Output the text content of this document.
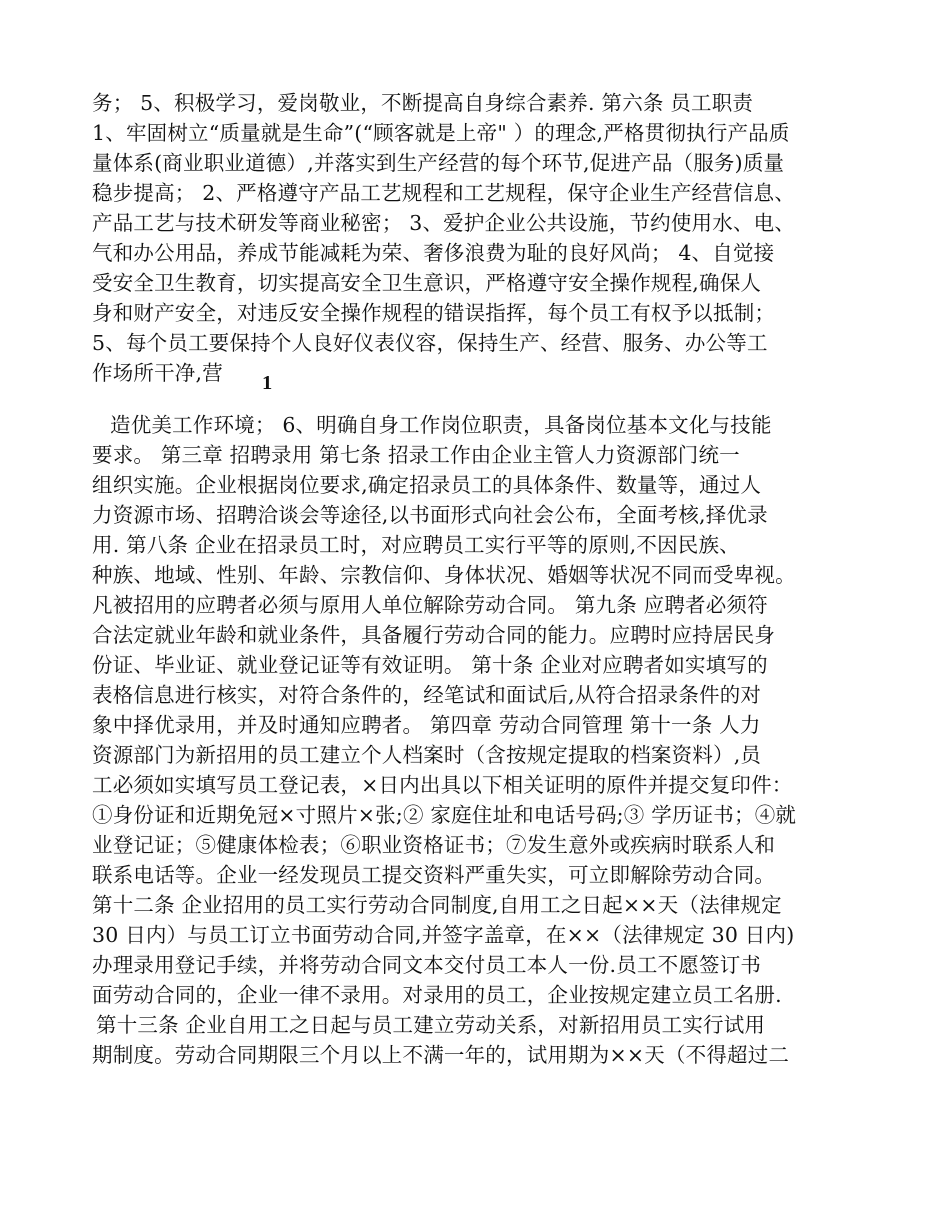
务； 5、积极学习，爱岗敬业，不断提高自身综合素养. 第六条 员工职责
1、牢固树立“质量就是生命”(“顾客就是上帝" ）的理念,严格贯彻执行产品质
量体系(商业职业道德）,并落实到生产经营的每个环节,促进产品（服务)质量
稳步提高； 2、严格遵守产品工艺规程和工艺规程，保守企业生产经营信息、
产品工艺与技术研发等商业秘密； 3、爱护企业公共设施，节约使用水、电、
气和办公用品，养成节能减耗为荣、奢侈浪费为耻的良好风尚； 4、自觉接
受安全卫生教育，切实提高安全卫生意识，严格遵守安全操作规程,确保人
身和财产安全，对违反安全操作规程的错误指挥，每个员工有权予以抵制；
5、每个员工要保持个人良好仪表仪容，保持生产、经营、服务、办公等工
作场所干净,营	1
造优美工作环境； 6、明确自身工作岗位职责，具备岗位基本文化与技能
要求。 第三章 招聘录用 第七条 招录工作由企业主管人力资源部门统一
组织实施。企业根据岗位要求,确定招录员工的具体条件、数量等，通过人
力资源市场、招聘洽谈会等途径,以书面形式向社会公布，全面考核,择优录
用. 第八条 企业在招录员工时，对应聘员工实行平等的原则,不因民族、
种族、地域、性别、年龄、宗教信仰、身体状况、婚姻等状况不同而受卑视。
凡被招用的应聘者必须与原用人单位解除劳动合同。 第九条 应聘者必须符
合法定就业年龄和就业条件，具备履行劳动合同的能力。应聘时应持居民身
份证、毕业证、就业登记证等有效证明。 第十条 企业对应聘者如实填写的
表格信息进行核实，对符合条件的，经笔试和面试后,从符合招录条件的对
象中择优录用，并及时通知应聘者。 第四章 劳动合同管理 第十一条 人力
资源部门为新招用的员工建立个人档案时（含按规定提取的档案资料）,员
工必须如实填写员工登记表，×日内出具以下相关证明的原件并提交复印件：
①身份证和近期免冠×寸照片×张;② 家庭住址和电话号码;③ 学历证书；④就
业登记证；⑤健康体检表；⑥职业资格证书；⑦发生意外或疾病时联系人和
联系电话等。企业一经发现员工提交资料严重失实，可立即解除劳动合同。
第十二条 企业招用的员工实行劳动合同制度,自用工之日起××天（法律规定
30 日内）与员工订立书面劳动合同,并签字盖章，在××（法律规定 30 日内)
办理录用登记手续，并将劳动合同文本交付员工本人一份.员工不愿签订书
面劳动合同的，企业一律不录用。对录用的员工，企业按规定建立员工名册.
第十三条 企业自用工之日起与员工建立劳动关系，对新招用员工实行试用
期制度。劳动合同期限三个月以上不满一年的，试用期为××天（不得超过二
